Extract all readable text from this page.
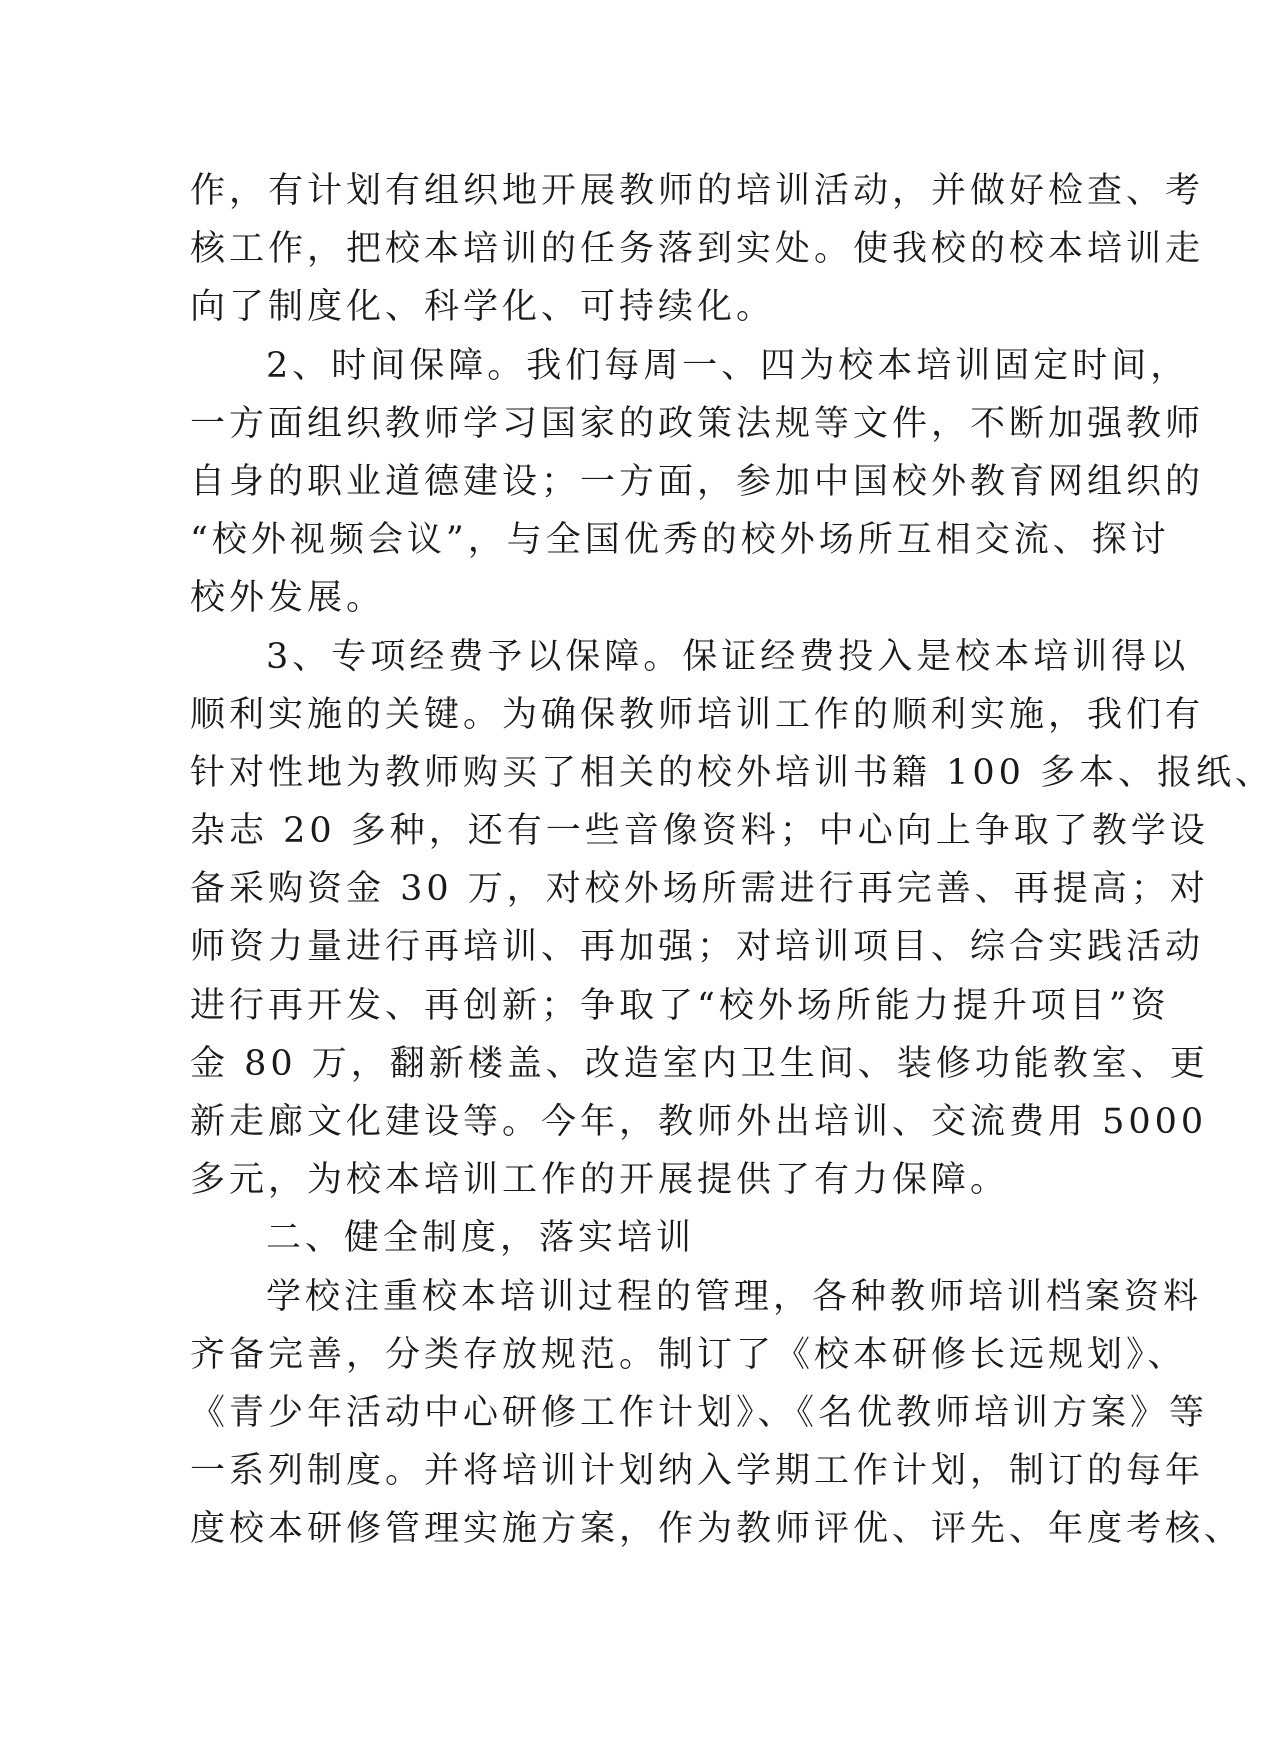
作，有计划有组织地开展教师的培训活动，并做好检查、考
核工作，把校本培训的任务落到实处。使我校的校本培训走
向了制度化、科学化、可持续化。
2、时间保障。我们每周一、四为校本培训固定时间，
一方面组织教师学习国家的政策法规等文件，不断加强教师
自身的职业道德建设；一方面，参加中国校外教育网组织的
“校外视频会议”，与全国优秀的校外场所互相交流、探讨
校外发展。
3、专项经费予以保障。保证经费投入是校本培训得以
顺利实施的关键。为确保教师培训工作的顺利实施，我们有
针对性地为教师购买了相关的校外培训书籍 100 多本、报纸、
杂志 20 多种，还有一些音像资料；中心向上争取了教学设
备采购资金 30 万，对校外场所需进行再完善、再提高；对
师资力量进行再培训、再加强；对培训项目、综合实践活动
进行再开发、再创新；争取了“校外场所能力提升项目”资
金 80 万，翻新楼盖、改造室内卫生间、装修功能教室、更
新走廊文化建设等。今年，教师外出培训、交流费用 5000
多元，为校本培训工作的开展提供了有力保障。
二、健全制度，落实培训
学校注重校本培训过程的管理，各种教师培训档案资料
齐备完善，分类存放规范。制订了《校本研修长远规划》、
《青少年活动中心研修工作计划》、《名优教师培训方案》等
一系列制度。并将培训计划纳入学期工作计划，制订的每年
度校本研修管理实施方案，作为教师评优、评先、年度考核、
